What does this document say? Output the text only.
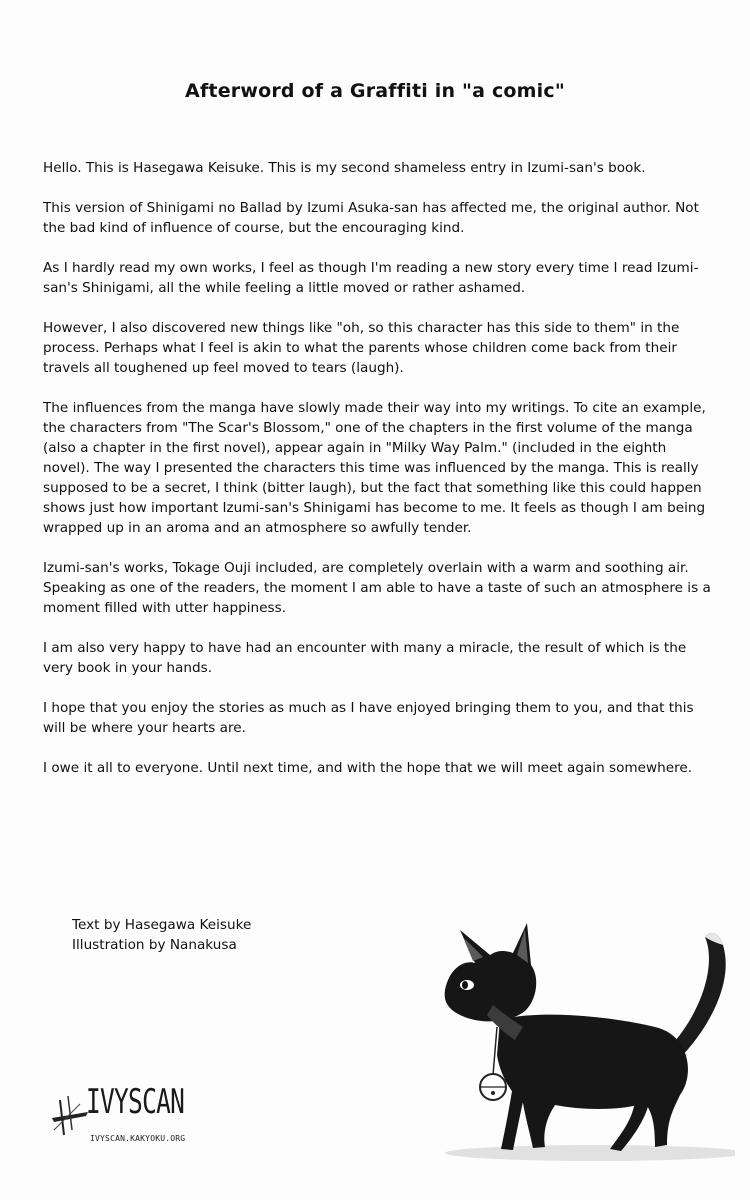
Afterword of a Graffiti in "a comic"

Hello. This is Hasegawa Keisuke. This is my second shameless entry in Izumi-san's book.

This version of Shinigami no Ballad by Izumi Asuka-san has affected me, the original author. Not the bad kind of influence of course, but the encouraging kind.

As I hardly read my own works, I feel as though I'm reading a new story every time I read Izumi-san's Shinigami, all the while feeling a little moved or rather ashamed.

However, I also discovered new things like "oh, so this character has this side to them" in the process. Perhaps what I feel is akin to what the parents whose children come back from their travels all toughened up feel moved to tears (laugh).

The influences from the manga have slowly made their way into my writings. To cite an example, the characters from "The Scar's Blossom," one of the chapters in the first volume of the manga (also a chapter in the first novel), appear again in "Milky Way Palm." (included in the eighth novel). The way I presented the characters this time was influenced by the manga. This is really supposed to be a secret, I think (bitter laugh), but the fact that something like this could happen shows just how important Izumi-san's Shinigami has become to me. It feels as though I am being wrapped up in an aroma and an atmosphere so awfully tender.

Izumi-san's works, Tokage Ouji included, are completely overlain with a warm and soothing air. Speaking as one of the readers, the moment I am able to have a taste of such an atmosphere is a moment filled with utter happiness.

I am also very happy to have had an encounter with many a miracle, the result of which is the very book in your hands.

I hope that you enjoy the stories as much as I have enjoyed bringing them to you, and that this will be where your hearts are.

I owe it all to everyone. Until next time, and with the hope that we will meet again somewhere.

Text by Hasegawa Keisuke
Illustration by Nanakusa
IVYSCAN
IVYSCAN.KAKYOKU.ORG
